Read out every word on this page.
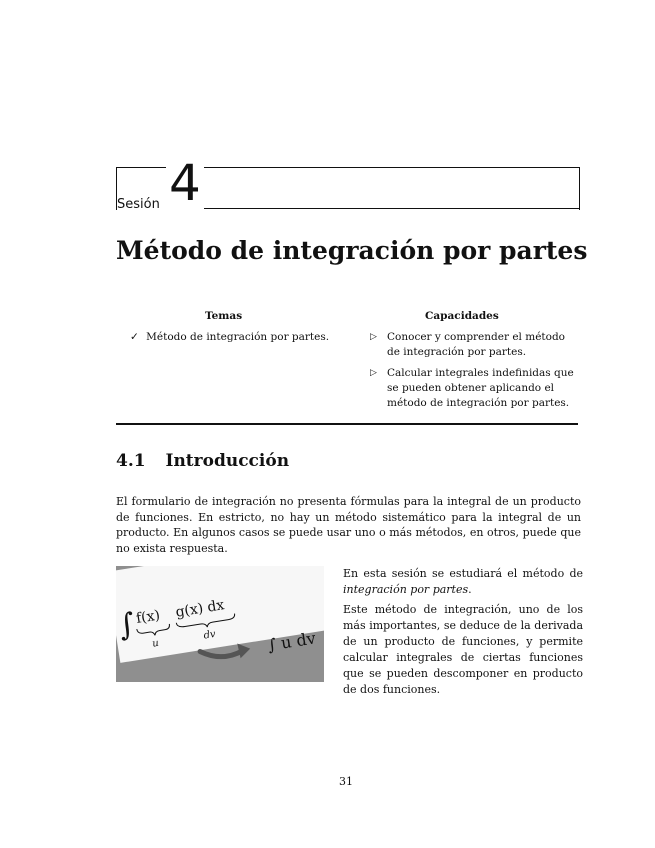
Sesión 4
Método de integración por partes
Temas	Capacidades
✓ Método de integración por partes.	▷ Conocer y comprender el método de integración por partes.
▷ Calcular integrales indefinidas que se pueden obtener aplicando el método de integración por partes.
4.1 Introducción

El formulario de integración no presenta fórmulas para la integral de un producto de funciones. En estricto, no hay un método sistemático para la integral de un producto. En algunos casos se puede usar uno o más métodos, en otros, puede que no exista respuesta.

∫
f(x)
u
g(x) dx
dv	∫ u dv

En esta sesión se estudiará el método de integración por partes.

Este método de integración, uno de los más importantes, se deduce de la derivada de un producto de funciones, y permite calcular integrales de ciertas funciones que se pueden descomponer en producto de dos funciones.

31
